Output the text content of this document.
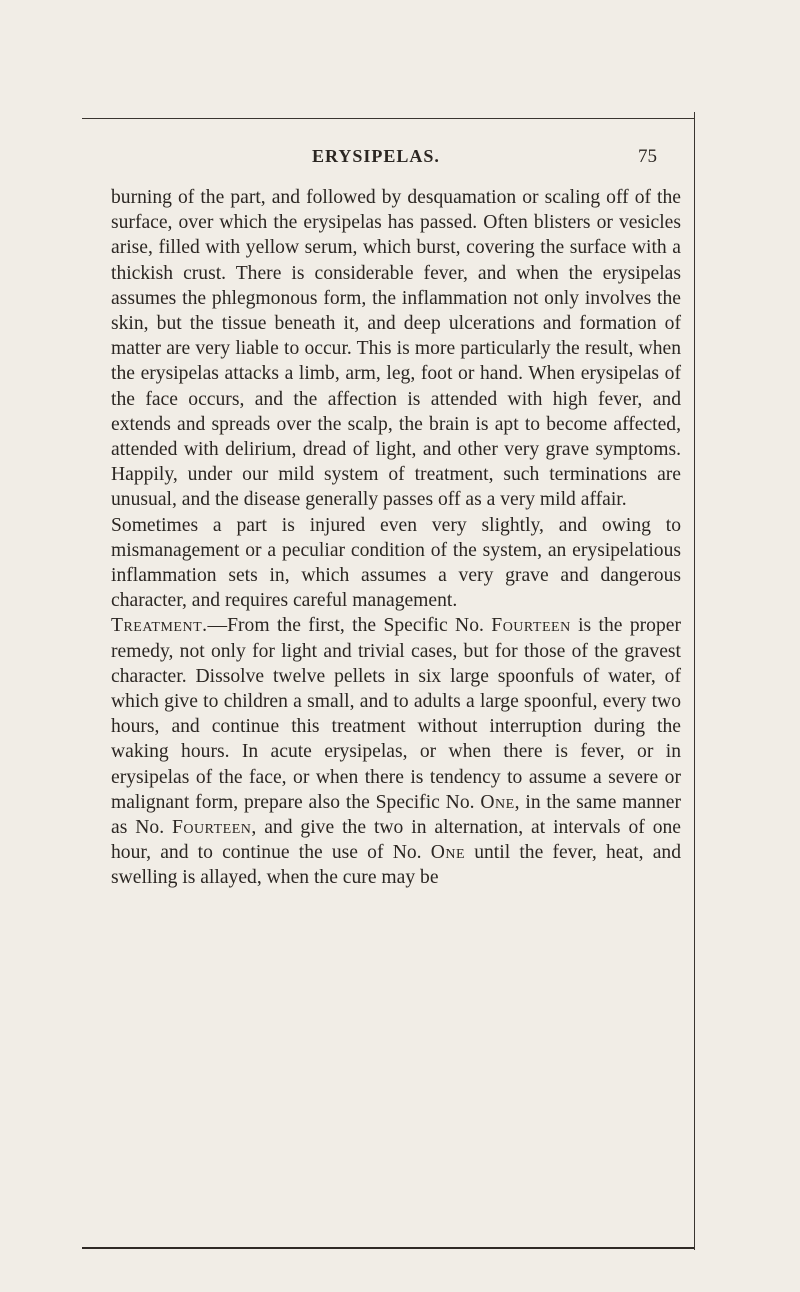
ERYSIPELAS.	75

burning of the part, and followed by desquamation or scaling off of the surface, over which the erysipelas has passed. Often blisters or vesicles arise, filled with yellow serum, which burst, covering the surface with a thickish crust. There is considerable fever, and when the erysipelas assumes the phlegmonous form, the inflammation not only involves the skin, but the tissue beneath it, and deep ulcerations and formation of matter are very liable to occur. This is more particularly the result, when the erysipelas attacks a limb, arm, leg, foot or hand. When erysipelas of the face occurs, and the affection is attended with high fever, and extends and spreads over the scalp, the brain is apt to become affected, attended with delirium, dread of light, and other very grave symptoms. Happily, under our mild system of treatment, such terminations are unusual, and the disease generally passes off as a very mild affair.

Sometimes a part is injured even very slightly, and owing to mismanagement or a peculiar condition of the system, an erysipelatious inflammation sets in, which assumes a very grave and dangerous character, and requires careful management.

Treatment.—From the first, the Specific No. Fourteen is the proper remedy, not only for light and trivial cases, but for those of the gravest character. Dissolve twelve pellets in six large spoonfuls of water, of which give to children a small, and to adults a large spoonful, every two hours, and continue this treatment without interruption during the waking hours. In acute erysipelas, or when there is fever, or in erysipelas of the face, or when there is tendency to assume a severe or malignant form, prepare also the Specific No. One, in the same manner as No. Fourteen, and give the two in alternation, at intervals of one hour, and to continue the use of No. One until the fever, heat, and swelling is allayed, when the cure may be
